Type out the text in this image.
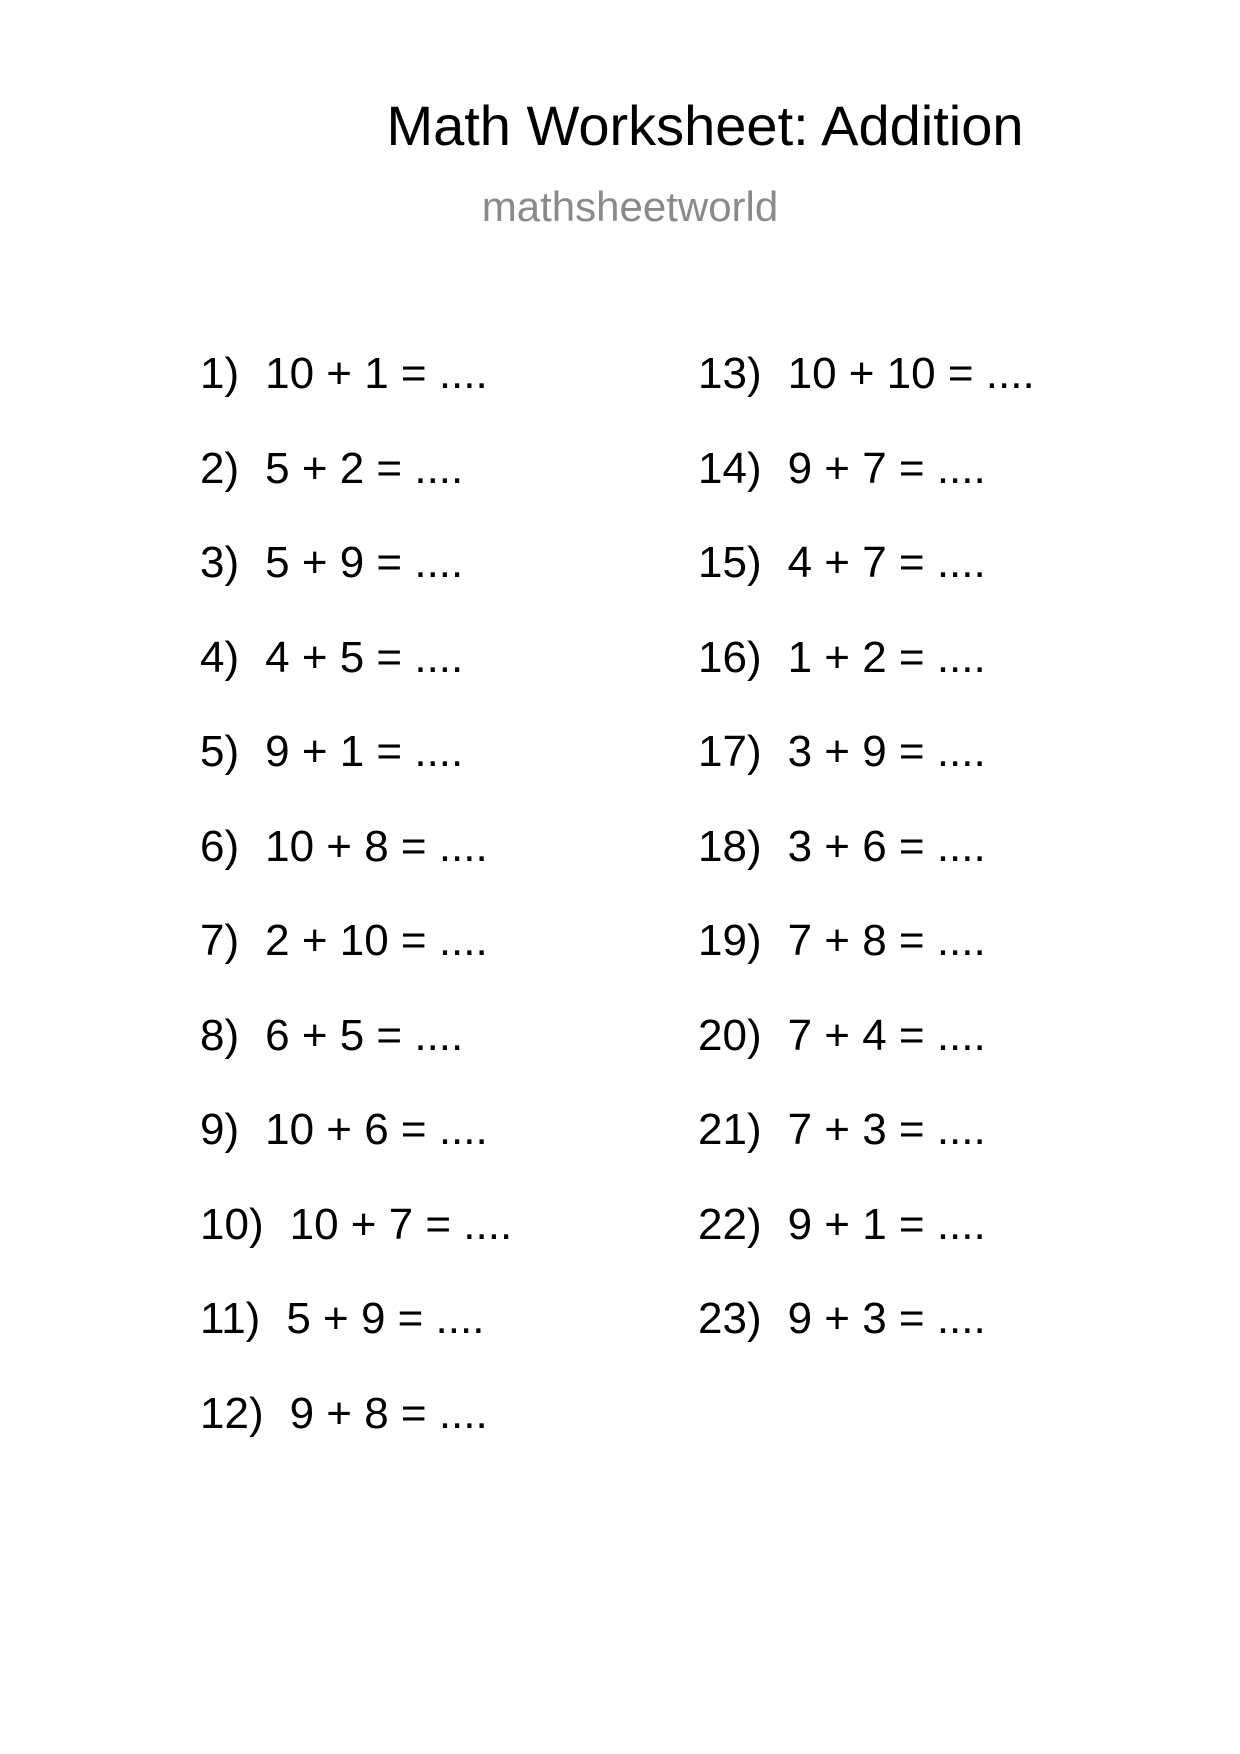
Math Worksheet: Addition
mathsheetworld
1) 10 + 1 = ....
2) 5 + 2 = ....
3) 5 + 9 = ....
4) 4 + 5 = ....
5) 9 + 1 = ....
6) 10 + 8 = ....
7) 2 + 10 = ....
8) 6 + 5 = ....
9) 10 + 6 = ....
10) 10 + 7 = ....
11) 5 + 9 = ....
12) 9 + 8 = ....
13) 10 + 10 = ....
14) 9 + 7 = ....
15) 4 + 7 = ....
16) 1 + 2 = ....
17) 3 + 9 = ....
18) 3 + 6 = ....
19) 7 + 8 = ....
20) 7 + 4 = ....
21) 7 + 3 = ....
22) 9 + 1 = ....
23) 9 + 3 = ....
